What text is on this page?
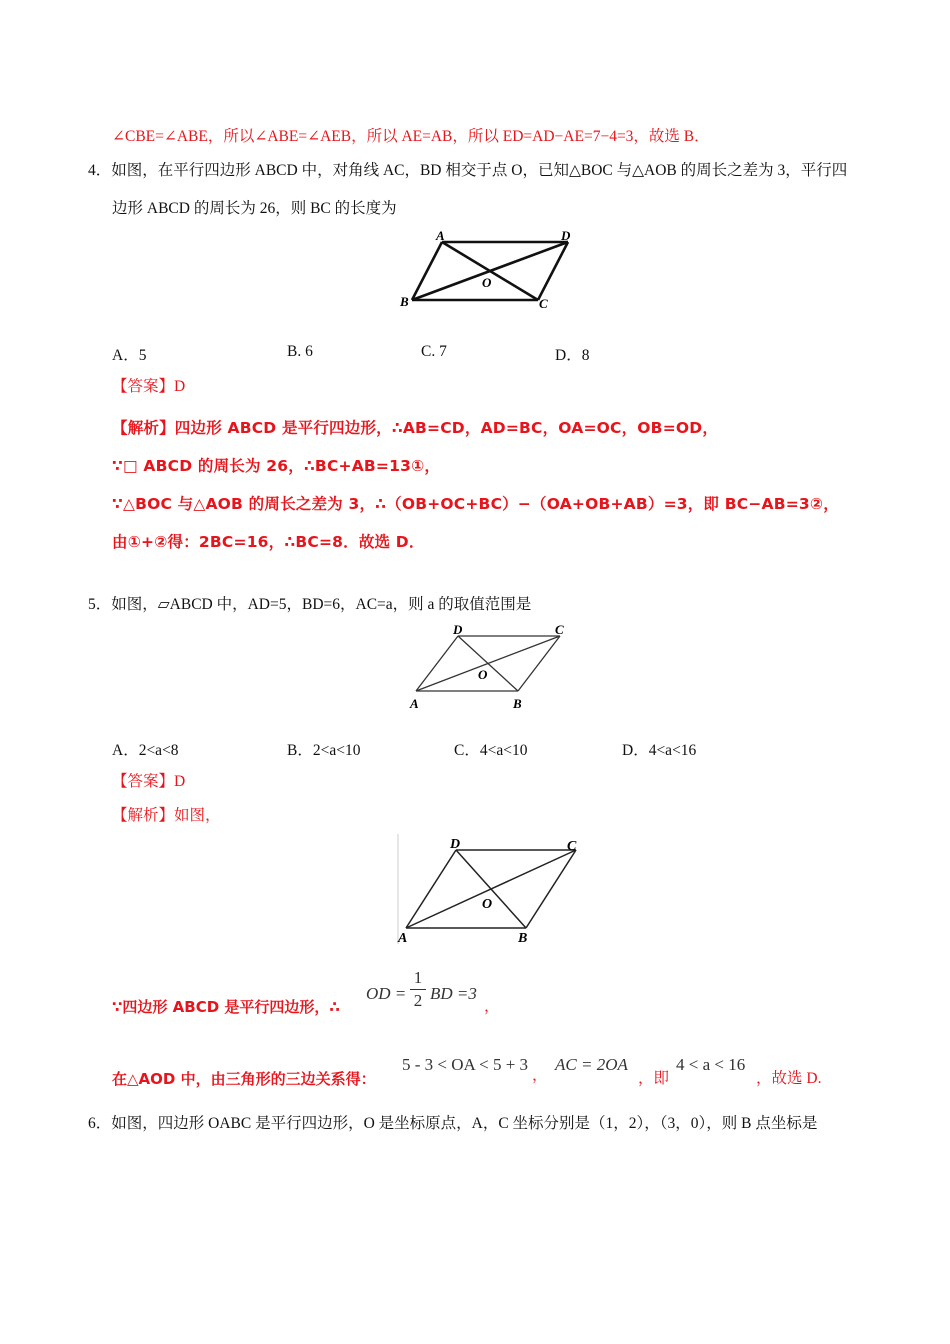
∠CBE=∠ABE，所以∠ABE=∠AEB，所以 AE=AB，所以 ED=AD−AE=7−4=3，故选 B．
4．如图，在平行四边形 ABCD 中，对角线 AC，BD 相交于点 O，已知△BOC 与△AOB 的周长之差为 3，平行四
边形 ABCD 的周长为 26，则 BC 的长度为
A	D
O
B	C
A．5	B. 6	C. 7	D．8
【答案】D
【解析】四边形 ABCD 是平行四边形，∴AB=CD，AD=BC，OA=OC，OB=OD，
∵□ ABCD 的周长为 26，∴BC+AB=13①，
∵△BOC 与△AOB 的周长之差为 3，∴（OB+OC+BC）−（OA+OB+AB）=3，即 BC−AB=3②，
由①+②得：2BC=16，∴BC=8．故选 D．
5．如图，▱ABCD 中，AD=5，BD=6，AC=a，则 a 的取值范围是
D	C
O
A	B
A．2<a<8	B．2<a<10	C．4<a<10	D．4<a<16
【答案】D
【解析】如图，
D	C
O
A	B
∵四边形 ABCD 是平行四边形，∴
OD =
1
2 BD =3
，
在△AOD 中，由三角形的三边关系得：
5 - 3 < OA < 5 + 3
，
AC = 2OA
，即
4 < a < 16
，故选 D.
6．如图，四边形 OABC 是平行四边形，O 是坐标原点，A，C 坐标分别是（1，2），（3，0），则 B 点坐标是
